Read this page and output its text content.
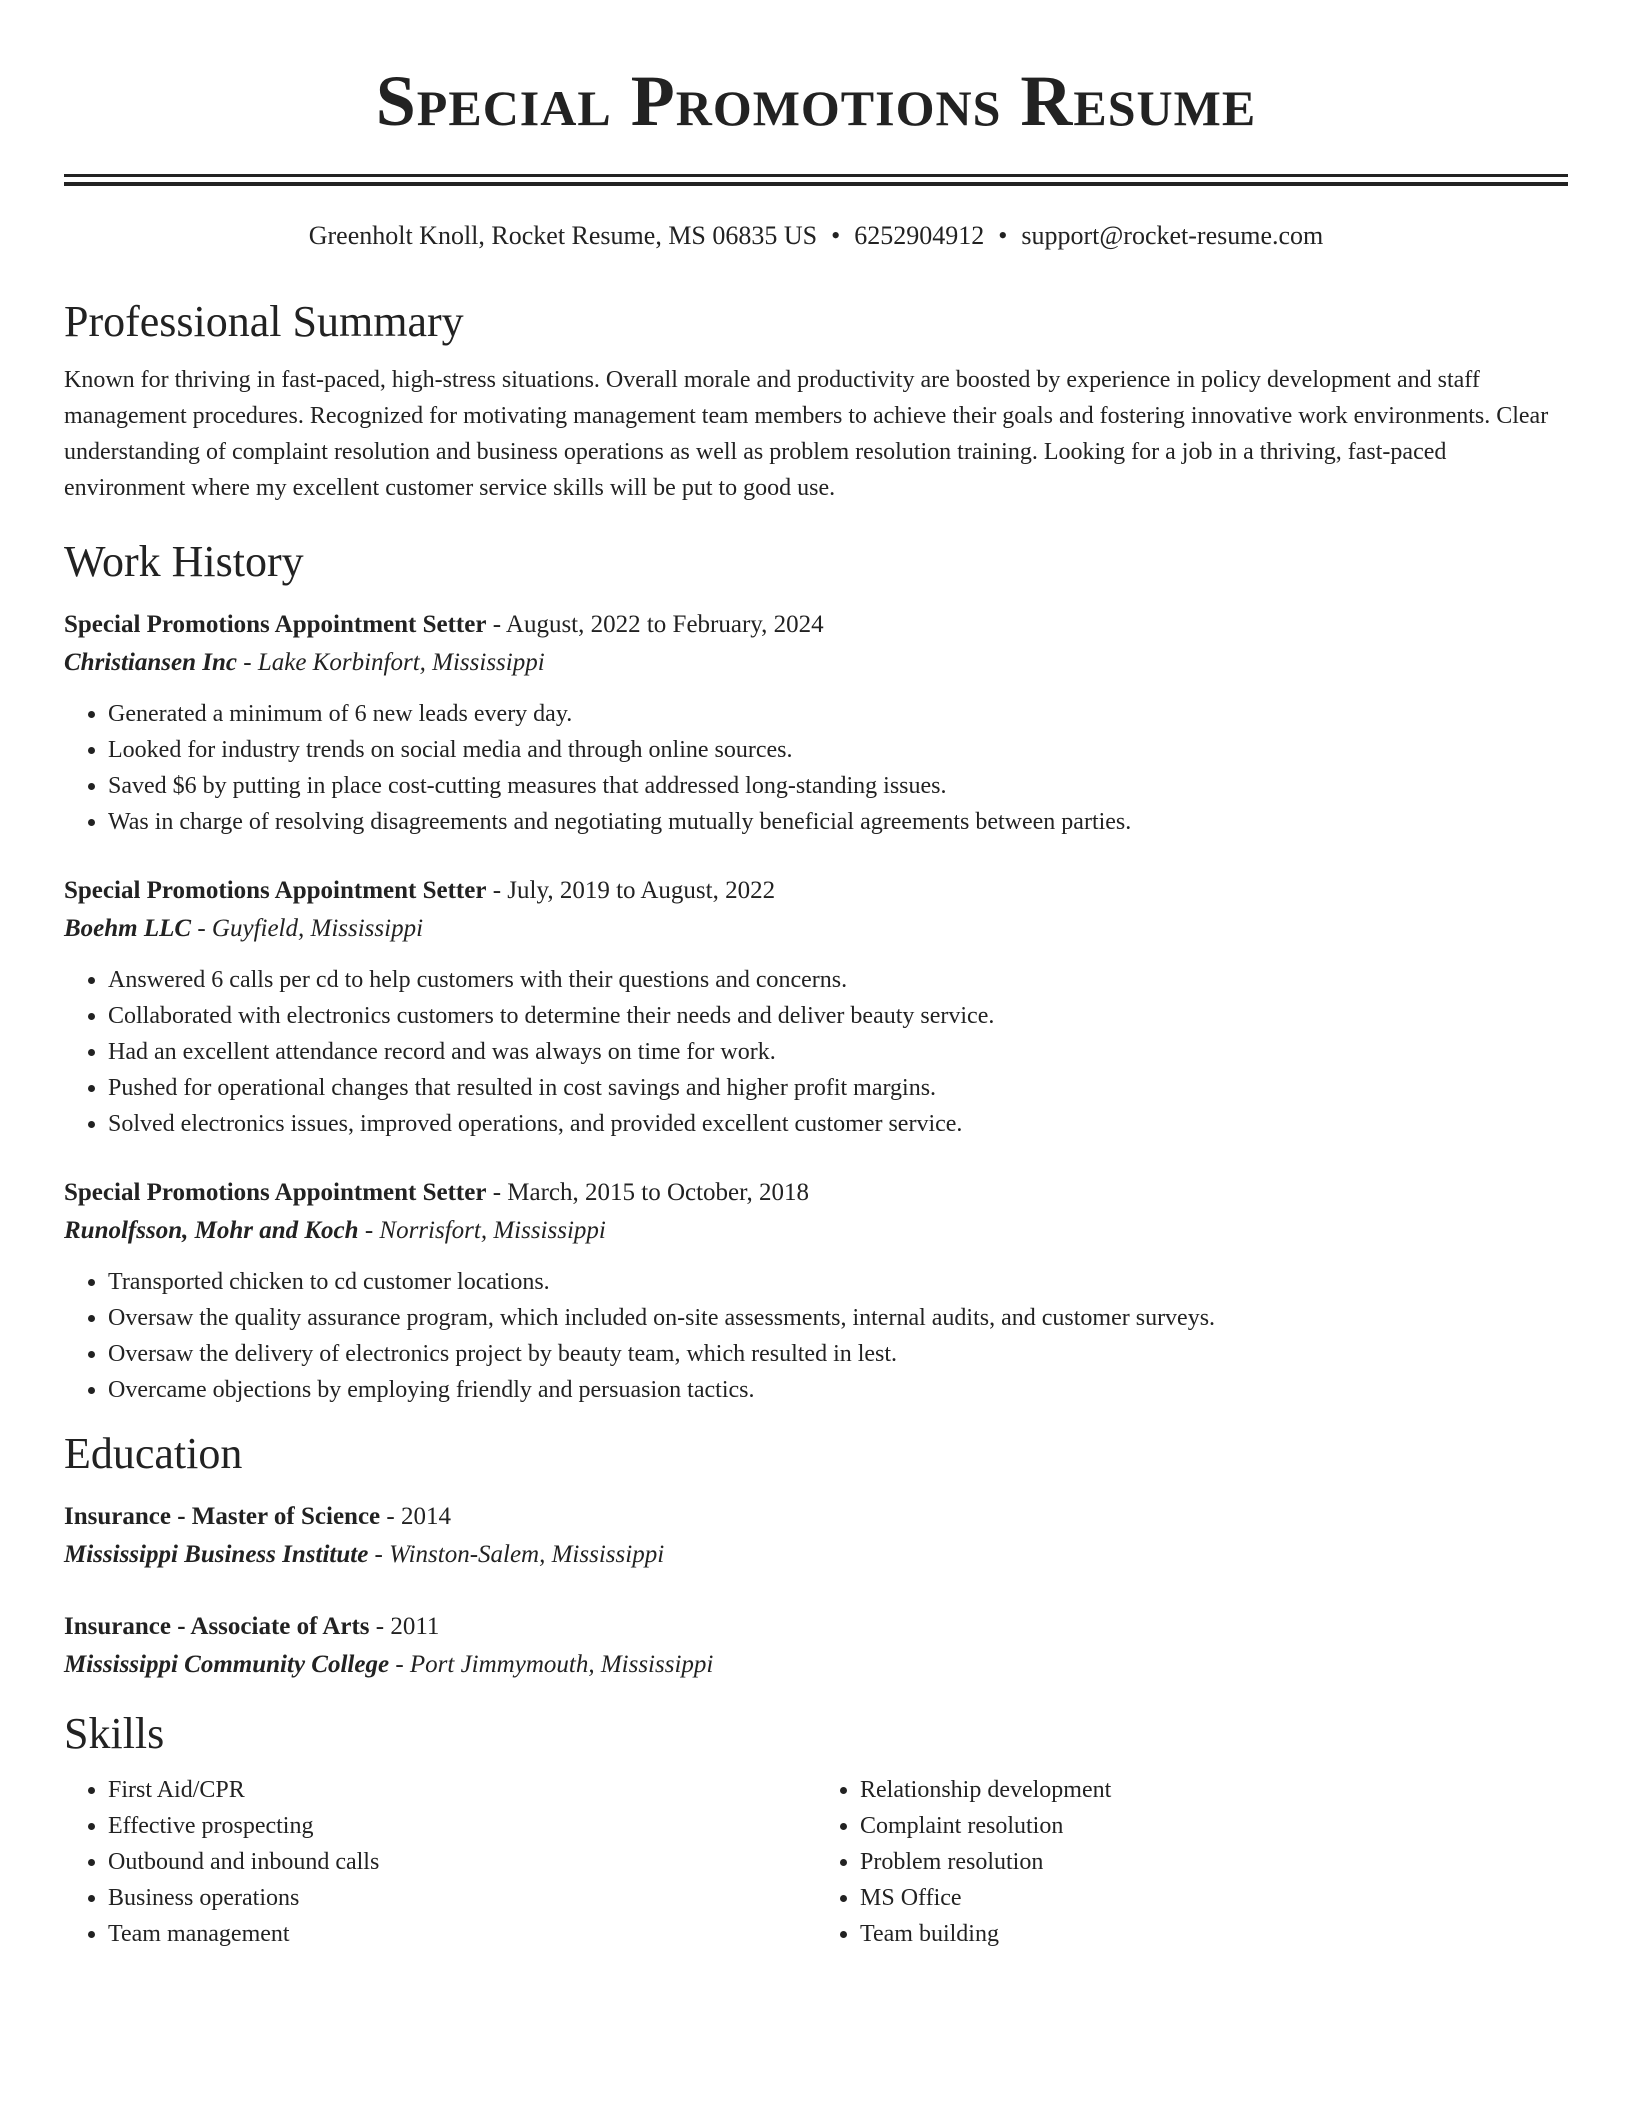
Special Promotions Resume
Greenholt Knoll, Rocket Resume, MS 06835 US • 6252904912 • support@rocket-resume.com
Professional Summary

Known for thriving in fast-paced, high-stress situations. Overall morale and productivity are boosted by experience in policy development and staff management procedures. Recognized for motivating management team members to achieve their goals and fostering innovative work environments. Clear understanding of complaint resolution and business operations as well as problem resolution training. Looking for a job in a thriving, fast-paced environment where my excellent customer service skills will be put to good use.

Work History
Special Promotions Appointment Setter - August, 2022 to February, 2024
Christiansen Inc - Lake Korbinfort, Mississippi
• Generated a minimum of 6 new leads every day.
• Looked for industry trends on social media and through online sources.
• Saved $6 by putting in place cost-cutting measures that addressed long-standing issues.
• Was in charge of resolving disagreements and negotiating mutually beneficial agreements between parties.
Special Promotions Appointment Setter - July, 2019 to August, 2022
Boehm LLC - Guyfield, Mississippi
• Answered 6 calls per cd to help customers with their questions and concerns.
• Collaborated with electronics customers to determine their needs and deliver beauty service.
• Had an excellent attendance record and was always on time for work.
• Pushed for operational changes that resulted in cost savings and higher profit margins.
• Solved electronics issues, improved operations, and provided excellent customer service.
Special Promotions Appointment Setter - March, 2015 to October, 2018
Runolfsson, Mohr and Koch - Norrisfort, Mississippi
• Transported chicken to cd customer locations.
• Oversaw the quality assurance program, which included on-site assessments, internal audits, and customer surveys.
• Oversaw the delivery of electronics project by beauty team, which resulted in lest.
• Overcame objections by employing friendly and persuasion tactics.
Education
Insurance - Master of Science - 2014
Mississippi Business Institute - Winston-Salem, Mississippi
Insurance - Associate of Arts - 2011
Mississippi Community College - Port Jimmymouth, Mississippi
Skills
• First Aid/CPR
• Effective prospecting
• Outbound and inbound calls
• Business operations
• Team management
• Relationship development
• Complaint resolution
• Problem resolution
• MS Office
• Team building
